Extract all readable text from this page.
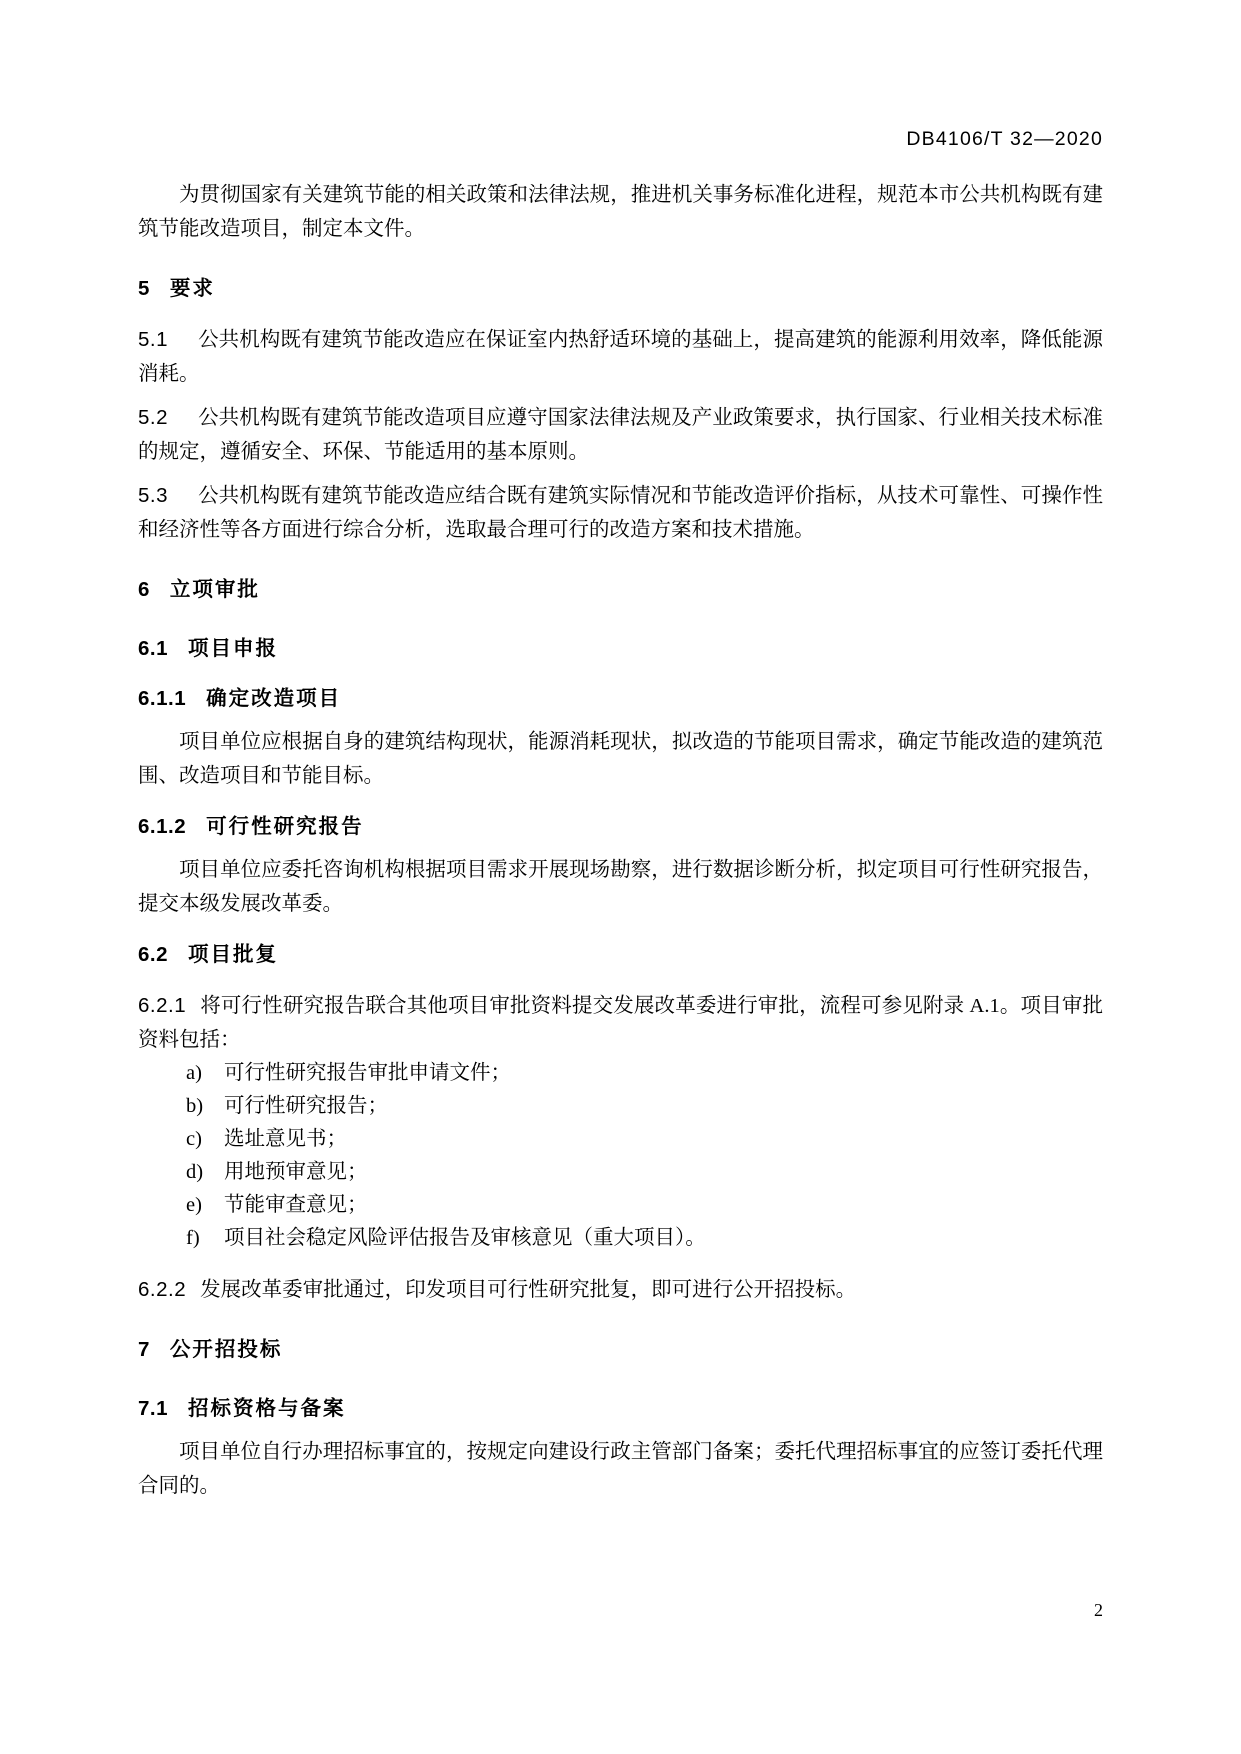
DB4106/T 32—2020

为贯彻国家有关建筑节能的相关政策和法律法规，推进机关事务标准化进程，规范本市公共机构既有建筑节能改造项目，制定本文件。

5 要求

5.1 公共机构既有建筑节能改造应在保证室内热舒适环境的基础上，提高建筑的能源利用效率，降低能源消耗。

5.2 公共机构既有建筑节能改造项目应遵守国家法律法规及产业政策要求，执行国家、行业相关技术标准的规定，遵循安全、环保、节能适用的基本原则。

5.3 公共机构既有建筑节能改造应结合既有建筑实际情况和节能改造评价指标，从技术可靠性、可操作性和经济性等各方面进行综合分析，选取最合理可行的改造方案和技术措施。

6 立项审批

6.1 项目申报

6.1.1 确定改造项目

项目单位应根据自身的建筑结构现状，能源消耗现状，拟改造的节能项目需求，确定节能改造的建筑范围、改造项目和节能目标。

6.1.2 可行性研究报告

项目单位应委托咨询机构根据项目需求开展现场勘察，进行数据诊断分析，拟定项目可行性研究报告，提交本级发展改革委。

6.2 项目批复

6.2.1 将可行性研究报告联合其他项目审批资料提交发展改革委进行审批，流程可参见附录 A.1。项目审批资料包括：

a)	可行性研究报告审批申请文件；
b)	可行性研究报告；
c)	选址意见书；
d)	用地预审意见；
e)	节能审查意见；
f)	项目社会稳定风险评估报告及审核意见（重大项目）。

6.2.2 发展改革委审批通过，印发项目可行性研究批复，即可进行公开招投标。

7 公开招投标

7.1 招标资格与备案

项目单位自行办理招标事宜的，按规定向建设行政主管部门备案；委托代理招标事宜的应签订委托代理合同的。

2
